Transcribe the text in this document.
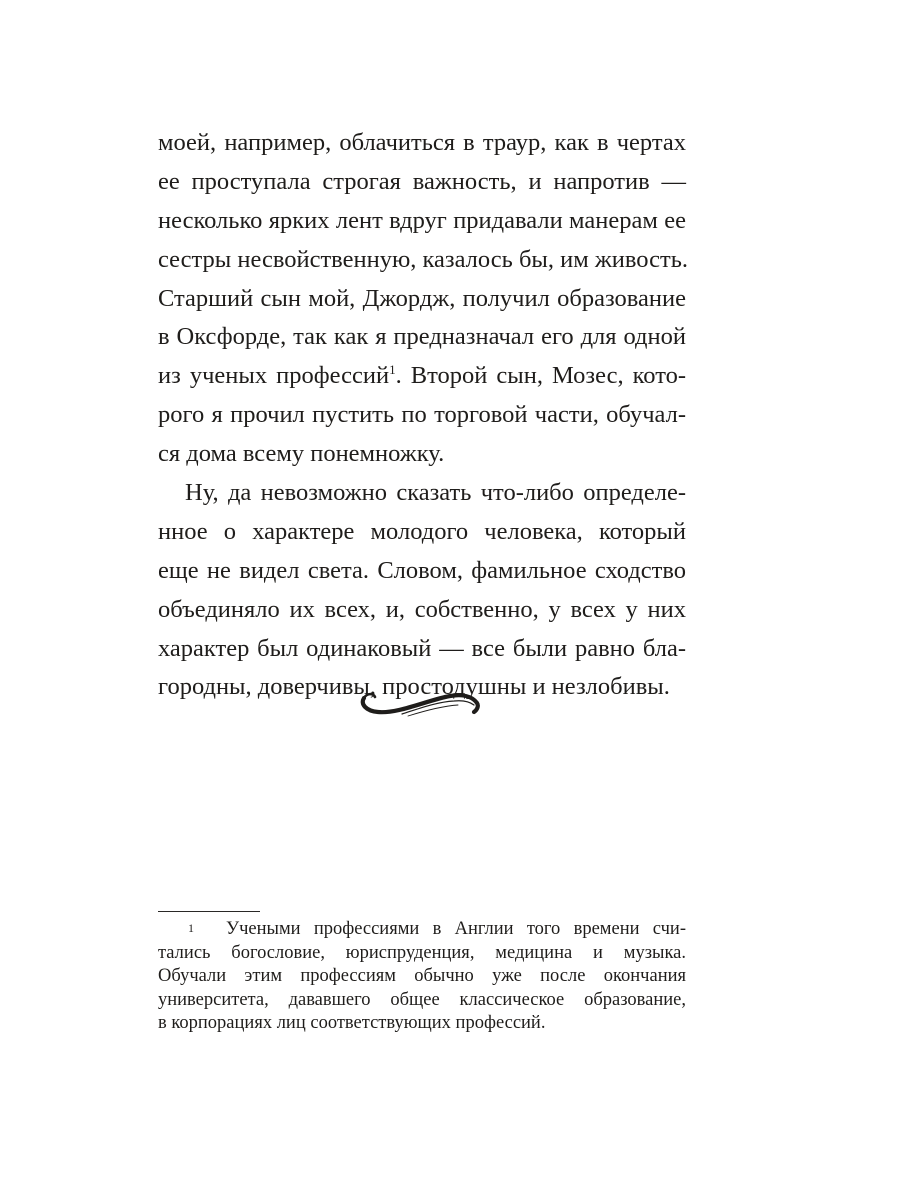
моей, например, облачиться в траур, как в чертах
ее проступала строгая важность, и напротив —
несколько ярких лент вдруг придавали манерам ее
сестры несвойственную, казалось бы, им живость.
Старший сын мой, Джордж, получил образование
в Оксфорде, так как я предназначал его для одной
из ученых профессий$^1$. Второй сын, Мозес, кото-
рого я прочил пустить по торговой части, обучал-
ся дома всему понемножку.
Ну, да невозможно сказать что-либо определе-
нное о характере молодого человека, который
еще не видел света. Словом, фамильное сходство
объединяло их всех, и, собственно, у всех у них
характер был одинаковый — все были равно бла-
городны, доверчивы, простодушны и незлобивы.
1 Учеными профессиями в Англии того времени счи-
тались богословие, юриспруденция, медицина и музыка.
Обучали этим профессиям обычно уже после окончания
университета, дававшего общее классическое образование,
в корпорациях лиц соответствующих профессий.
